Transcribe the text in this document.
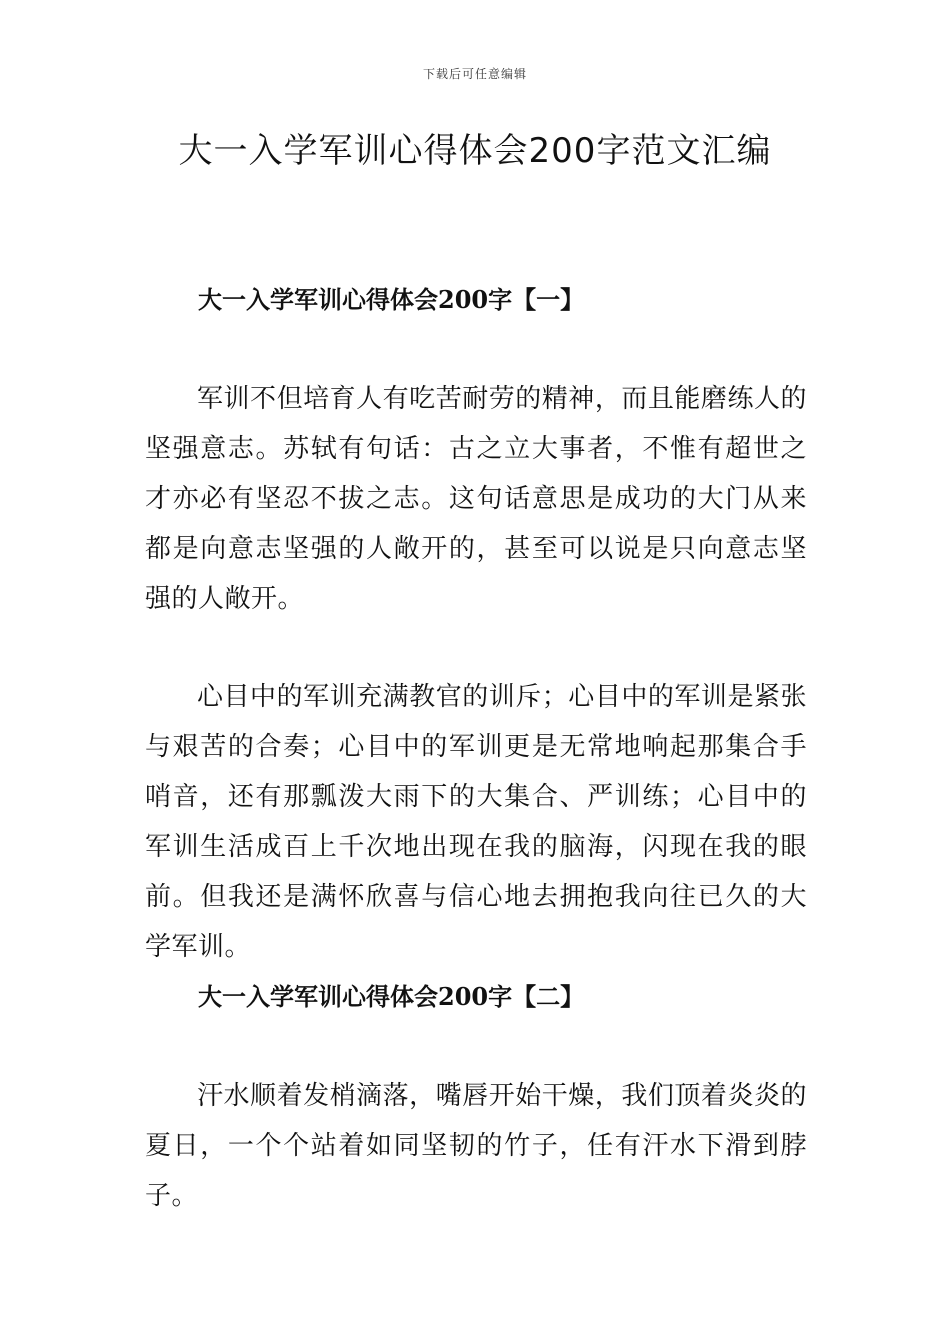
下载后可任意编辑
大一入学军训心得体会200字范文汇编
大一入学军训心得体会200字【一】

军训不但培育人有吃苦耐劳的精神，而且能磨练人的坚强意志。苏轼有句话：古之立大事者，不惟有超世之才亦必有坚忍不拔之志。这句话意思是成功的大门从来都是向意志坚强的人敞开的，甚至可以说是只向意志坚强的人敞开。

心目中的军训充满教官的训斥；心目中的军训是紧张与艰苦的合奏；心目中的军训更是无常地响起那集合手哨音，还有那瓢泼大雨下的大集合、严训练；心目中的军训生活成百上千次地出现在我的脑海，闪现在我的眼前。但我还是满怀欣喜与信心地去拥抱我向往已久的大学军训。

大一入学军训心得体会200字【二】

汗水顺着发梢滴落，嘴唇开始干燥，我们顶着炎炎的夏日，一个个站着如同坚韧的竹子，任有汗水下滑到脖子。
